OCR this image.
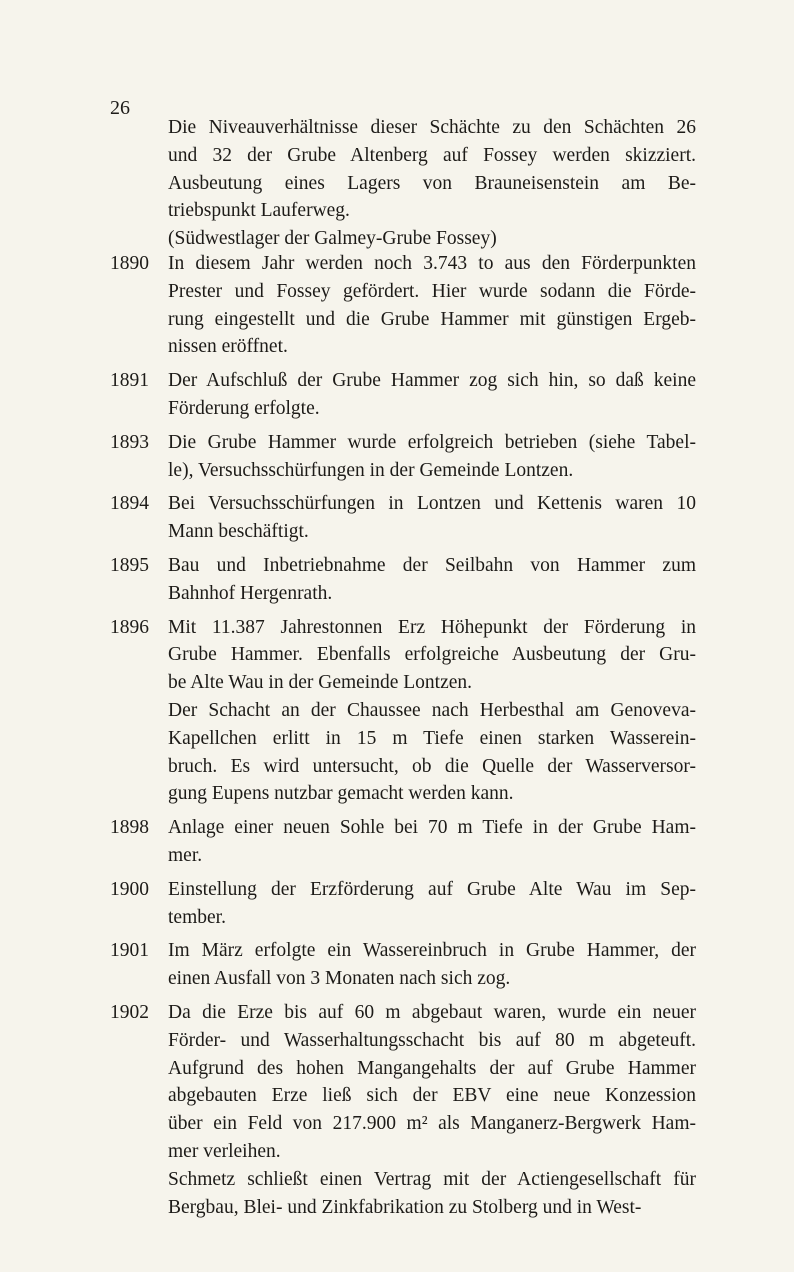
26
Die Niveauverhältnisse dieser Schächte zu den Schächten 26
und 32 der Grube Altenberg auf Fossey werden skizziert.
Ausbeutung eines Lagers von Brauneisenstein am Be-
triebspunkt Lauferweg.
(Südwestlager der Galmey-Grube Fossey)
1890 In diesem Jahr werden noch 3.743 to aus den Förderpunkten
Prester und Fossey gefördert. Hier wurde sodann die Förde-
rung eingestellt und die Grube Hammer mit günstigen Ergeb-
nissen eröffnet.
1891 Der Aufschluß der Grube Hammer zog sich hin, so daß keine
Förderung erfolgte.
1893 Die Grube Hammer wurde erfolgreich betrieben (siehe Tabel-
le), Versuchsschürfungen in der Gemeinde Lontzen.
1894 Bei Versuchsschürfungen in Lontzen und Kettenis waren 10
Mann beschäftigt.
1895 Bau und Inbetriebnahme der Seilbahn von Hammer zum
Bahnhof Hergenrath.
1896 Mit 11.387 Jahrestonnen Erz Höhepunkt der Förderung in
Grube Hammer. Ebenfalls erfolgreiche Ausbeutung der Gru-
be Alte Wau in der Gemeinde Lontzen.
Der Schacht an der Chaussee nach Herbesthal am Genoveva-
Kapellchen erlitt in 15 m Tiefe einen starken Wasserein-
bruch. Es wird untersucht, ob die Quelle der Wasserversor-
gung Eupens nutzbar gemacht werden kann.
1898 Anlage einer neuen Sohle bei 70 m Tiefe in der Grube Ham-
mer.
1900 Einstellung der Erzförderung auf Grube Alte Wau im Sep-
tember.
1901 Im März erfolgte ein Wassereinbruch in Grube Hammer, der
einen Ausfall von 3 Monaten nach sich zog.
1902 Da die Erze bis auf 60 m abgebaut waren, wurde ein neuer
Förder- und Wasserhaltungsschacht bis auf 80 m abgeteuft.
Aufgrund des hohen Mangangehalts der auf Grube Hammer
abgebauten Erze ließ sich der EBV eine neue Konzession
über ein Feld von 217.900 m² als Manganerz-Bergwerk Ham-
mer verleihen.
Schmetz schließt einen Vertrag mit der Actiengesellschaft für
Bergbau, Blei- und Zinkfabrikation zu Stolberg und in West-
